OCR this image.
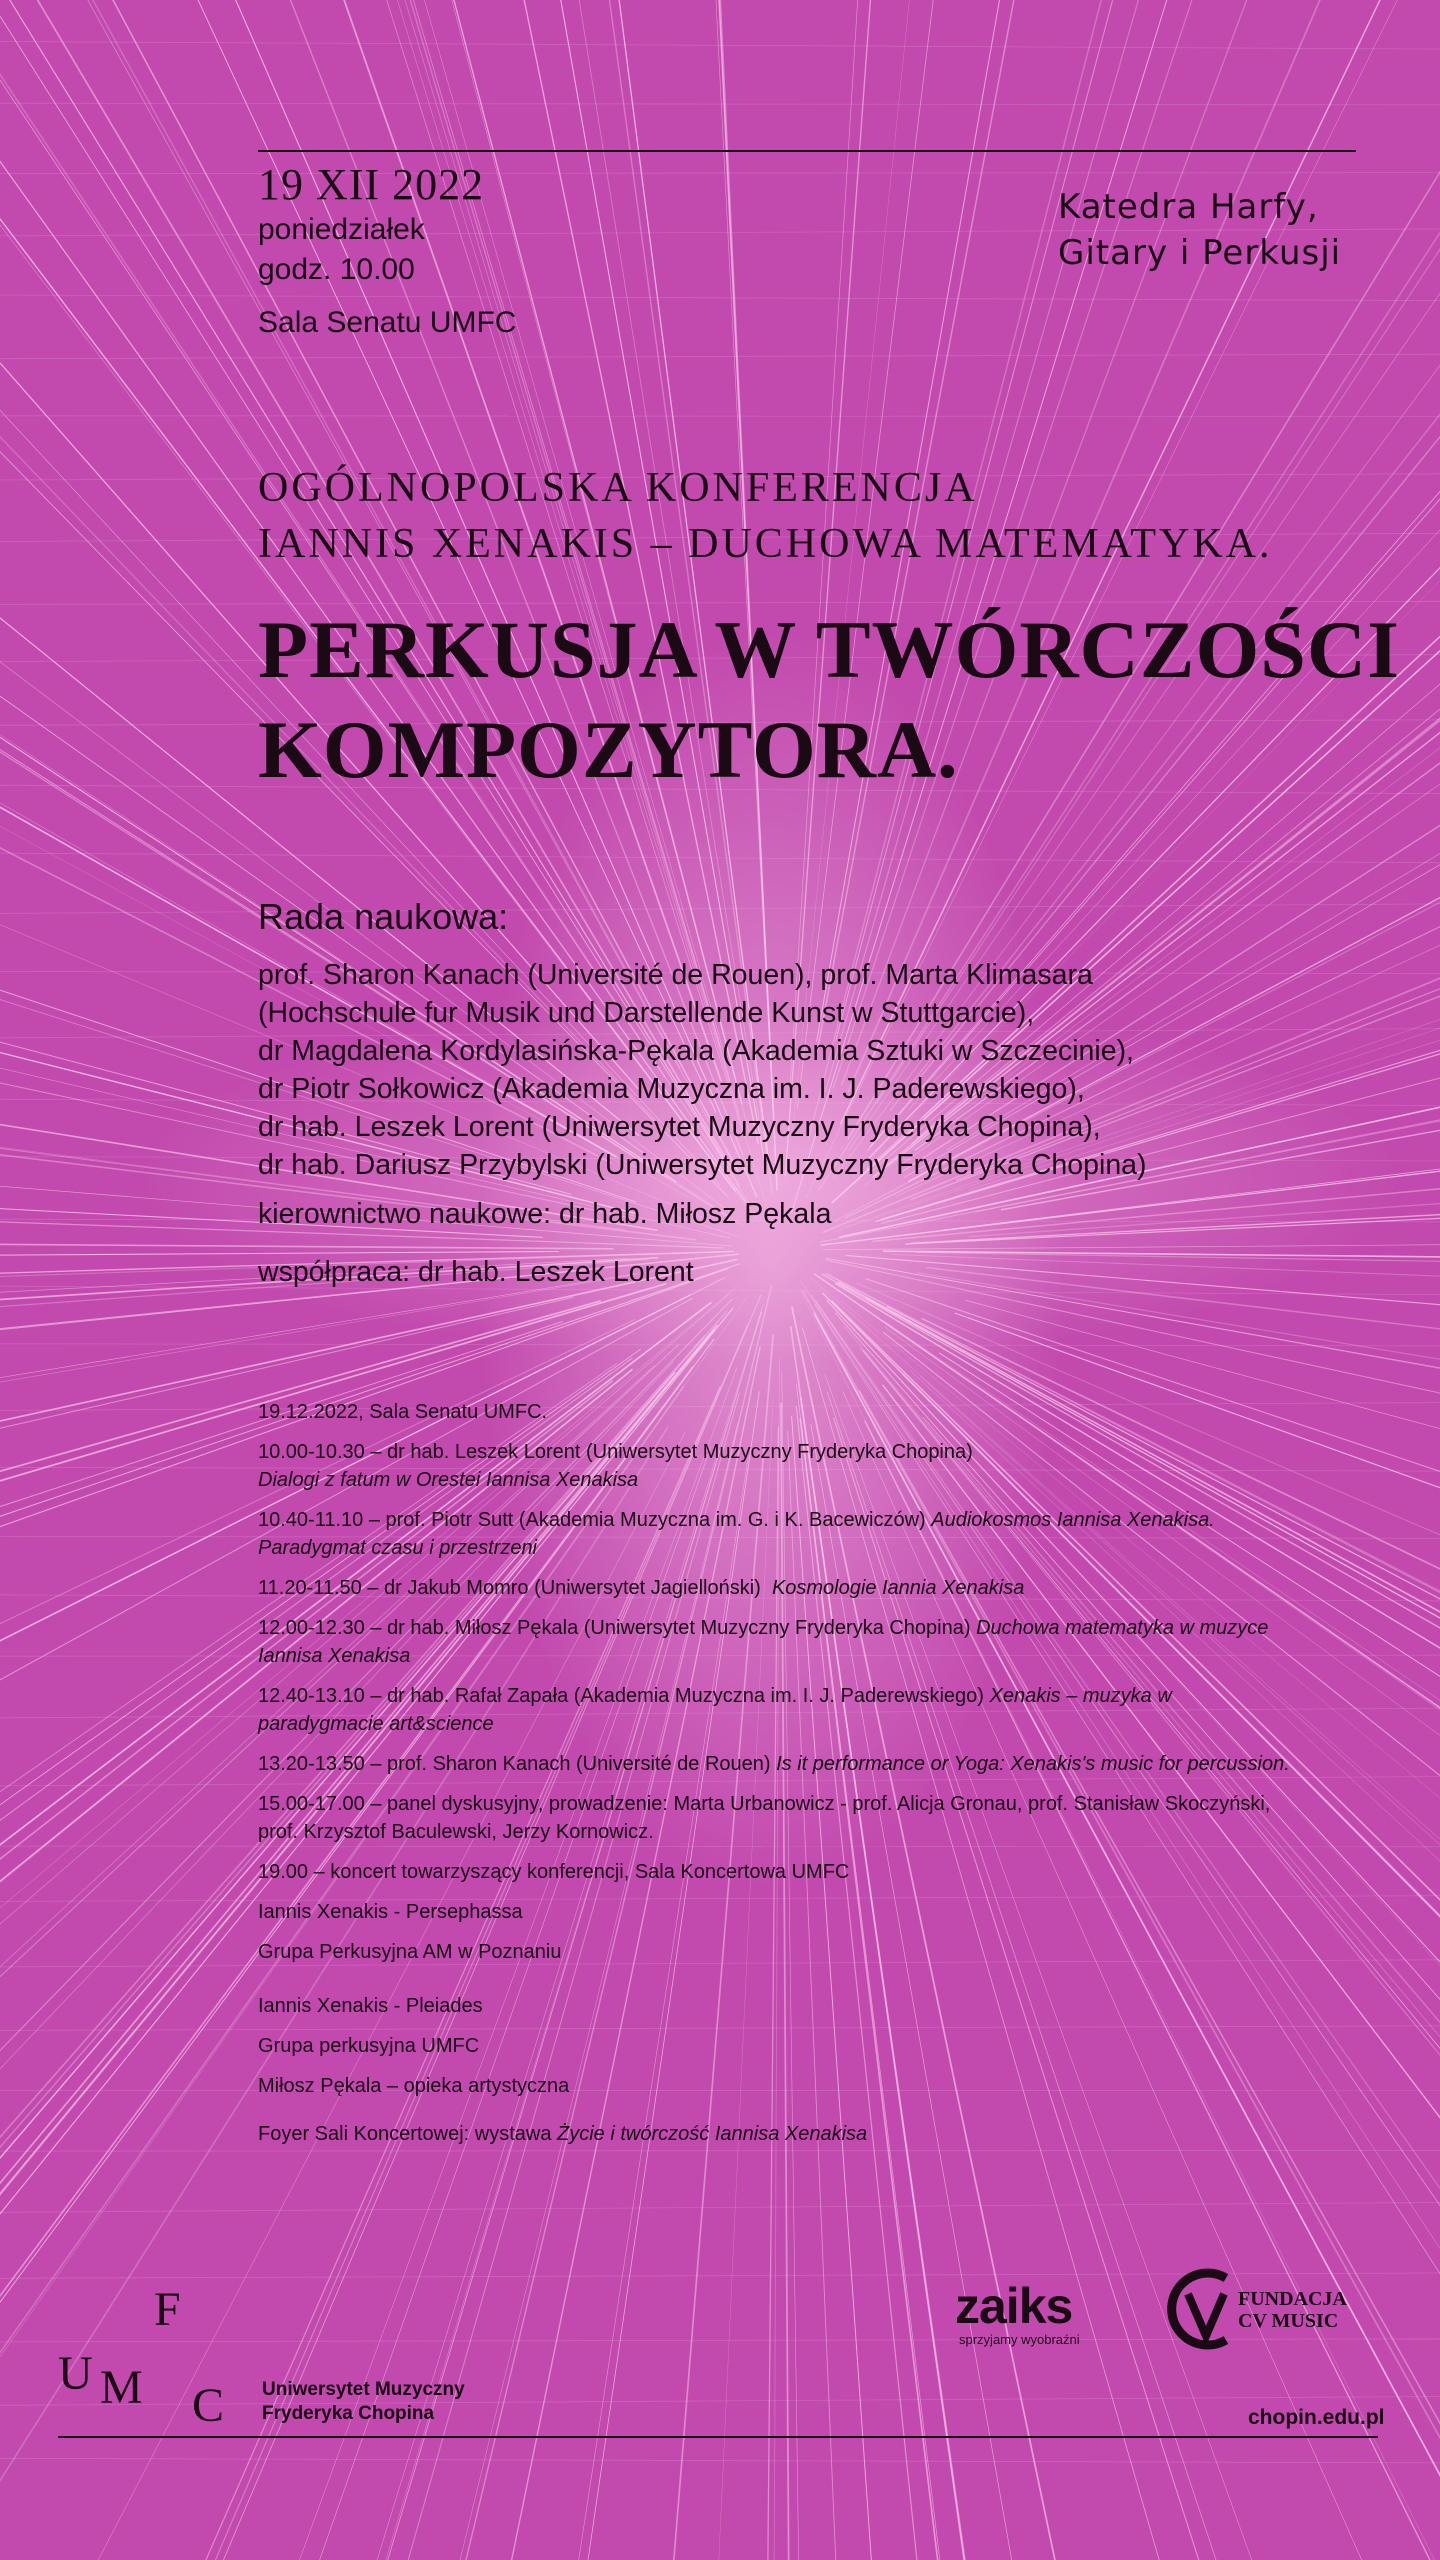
19 XII 2022
poniedziałek
godz. 10.00
Sala Senatu UMFC
Katedra Harfy,
Gitary i Perkusji
OGÓLNOPOLSKA KONFERENCJA
IANNIS XENAKIS – DUCHOWA MATEMATYKA.
PERKUSJA W TWÓRCZOŚCI
KOMPOZYTORA.
Rada naukowa:
prof. Sharon Kanach (Université de Rouen), prof. Marta Klimasara
(Hochschule fur Musik und Darstellende Kunst w Stuttgarcie),
dr Magdalena Kordylasińska-Pękala (Akademia Sztuki w Szczecinie),
dr Piotr Sołkowicz (Akademia Muzyczna im. I. J. Paderewskiego),
dr hab. Leszek Lorent (Uniwersytet Muzyczny Fryderyka Chopina),
dr hab. Dariusz Przybylski (Uniwersytet Muzyczny Fryderyka Chopina)
kierownictwo naukowe: dr hab. Miłosz Pękala
współpraca: dr hab. Leszek Lorent
19.12.2022, Sala Senatu UMFC.
10.00-10.30 – dr hab. Leszek Lorent (Uniwersytet Muzyczny Fryderyka Chopina)
Dialogi z fatum w Orestei Iannisa Xenakisa
10.40-11.10 – prof. Piotr Sutt (Akademia Muzyczna im. G. i K. Bacewiczów) Audiokosmos Iannisa Xenakisa. Paradygmat czasu i przestrzeni
11.20-11.50 – dr Jakub Momro (Uniwersytet Jagielloński) Kosmologie Iannia Xenakisa
12.00-12.30 – dr hab. Miłosz Pękala (Uniwersytet Muzyczny Fryderyka Chopina) Duchowa matematyka w muzyce Iannisa Xenakisa
12.40-13.10 – dr hab. Rafał Zapała (Akademia Muzyczna im. I. J. Paderewskiego) Xenakis – muzyka w paradygmacie art&science
13.20-13.50 – prof. Sharon Kanach (Université de Rouen) Is it performance or Yoga: Xenakis's music for percussion.
15.00-17.00 – panel dyskusyjny, prowadzenie: Marta Urbanowicz - prof. Alicja Gronau, prof. Stanisław Skoczyński, prof. Krzysztof Baculewski, Jerzy Kornowicz.
19.00 – koncert towarzyszący konferencji, Sala Koncertowa UMFC
Iannis Xenakis - Persephassa
Grupa Perkusyjna AM w Poznaniu
Iannis Xenakis - Pleiades
Grupa perkusyjna UMFC
Miłosz Pękala – opieka artystyczna
Foyer Sali Koncertowej: wystawa Życie i twórczość Iannisa Xenakisa
F
U M C Uniwersytet Muzyczny
Fryderyka Chopina
zaiks
sprzyjamy wyobraźni
FUNDACJA
CV MUSIC
chopin.edu.pl
